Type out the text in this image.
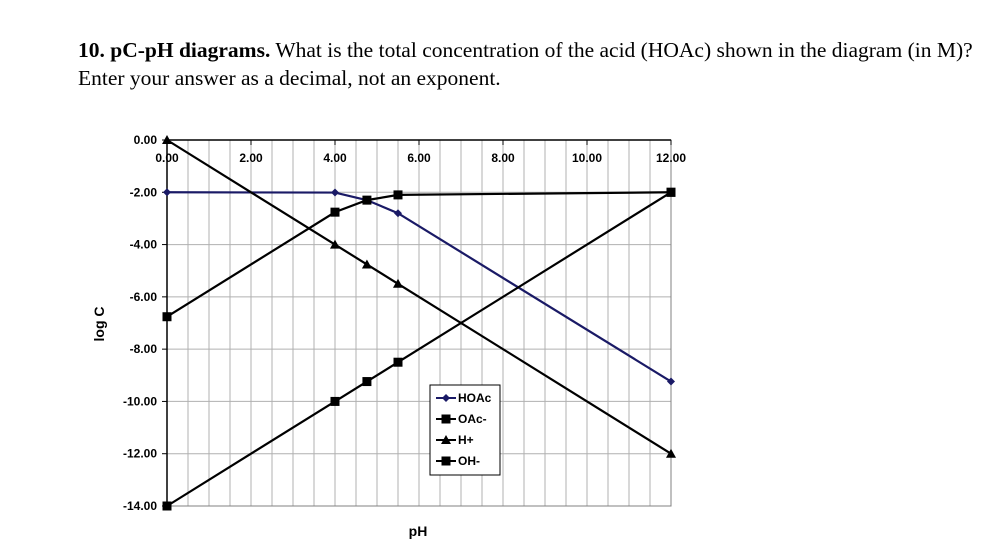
10. pC-pH diagrams. What is the total concentration of the acid (HOAc) shown in the diagram (in M)? Enter your answer as a decimal, not an exponent.

0.00	2.00	4.00	6.00	8.00	10.00	12.00
0.00
-2.00
-4.00
-6.00
-8.00
-10.00
-12.00
-14.00
HOAc
OAc-
H+
OH-
pH
log C
